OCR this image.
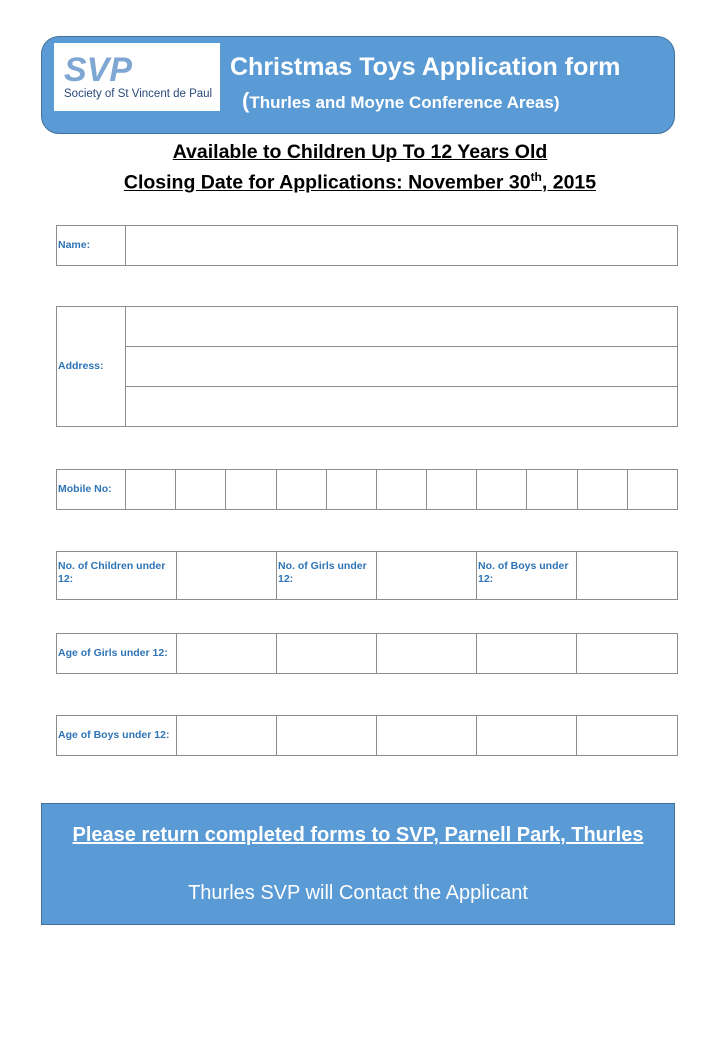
SVP
Society of St Vincent de Paul
Christmas Toys Application form
(Thurles and Moyne Conference Areas)
Available to Children Up To 12 Years Old
Closing Date for Applications: November 30th, 2015
Name:	
Address:	

Mobile No:											
No. of Children under 12:		No. of Girls under 12:		No. of Boys under 12:	
Age of Girls under 12:					
Age of Boys under 12:					
Please return completed forms to SVP, Parnell Park, Thurles
Thurles SVP will Contact the Applicant
